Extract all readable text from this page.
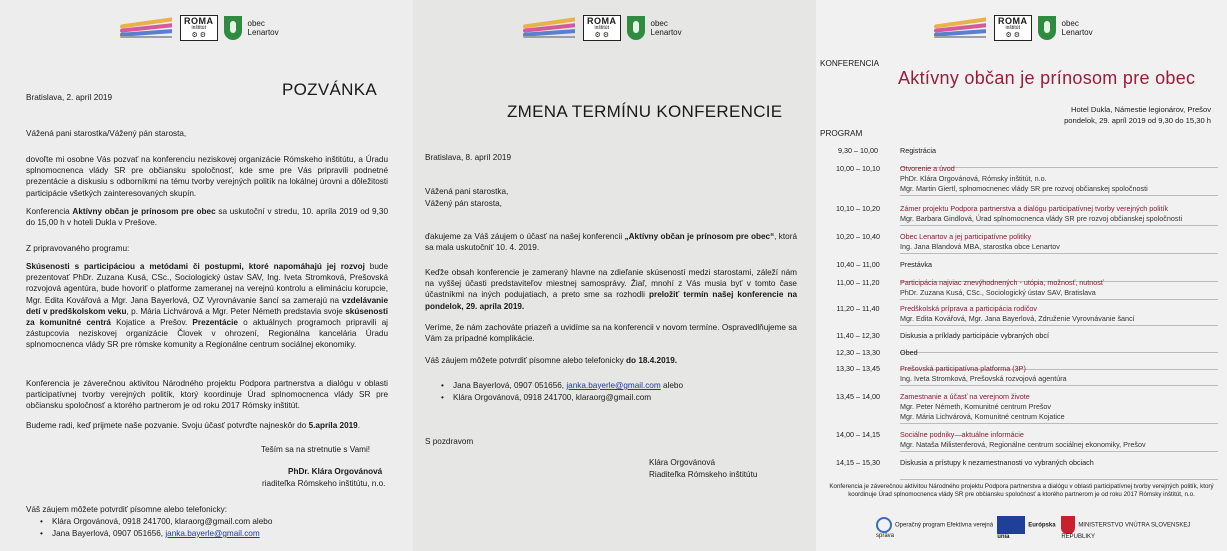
ROMA
inštitút
⚙ ⚙
obec
Lenartov
Bratislava, 2. apríl 2019	POZVÁNKA
Vážená pani starostka/Vážený pán starosta,
dovoľte mi osobne Vás pozvať na konferenciu neziskovej organizácie Rómskeho inštitútu, a Úradu splnomocnenca vlády SR pre občiansku spoločnosť, kde sme pre Vás pripravili podnetné prezentácie a diskusiu s odborníkmi na tému tvorby verejných politík na lokálnej úrovni a dôležitosti participácie všetkých zainteresovaných skupín.
Konferencia Aktívny občan je prínosom pre obec sa uskutoční v stredu, 10. apríla 2019 od 9,30 do 15,00 h v hoteli Dukla v Prešove.
Z pripravovaného programu:
Skúsenosti s participáciou a metódami či postupmi, ktoré napomáhajú jej rozvoj bude prezentovať PhDr. Zuzana Kusá, CSc., Sociologický ústav SAV, Ing. Iveta Stromková, Prešovská rozvojová agentúra, bude hovoriť o platforme zameranej na verejnú kontrolu a elimináciu korupcie, Mgr. Edita Kovářová a Mgr. Jana Bayerlová, OZ Vyrovnávanie šancí sa zamerajú na vzdelávanie detí v predškolskom veku, p. Mária Lichvárová a Mgr. Peter Németh predstavia svoje skúsenosti za komunitné centrá Kojatice a Prešov. Prezentácie o aktuálnych programoch pripravili aj zástupcovia neziskovej organizácie Človek v ohrození, Regionálna kancelária Úradu splnomocnenca vlády SR pre rómske komunity a Regionálne centrum sociálnej ekonomiky.
Konferencia je záverečnou aktivitou Národného projektu Podpora partnerstva a dialógu v oblasti participatívnej tvorby verejných politík, ktorý koordinuje Úrad splnomocnenca vlády SR pre občiansku spoločnosť a ktorého partnerom je od roku 2017 Rómsky inštitút.
Budeme radi, keď prijmete naše pozvanie. Svoju účasť potvrďte najneskôr do 5.apríla 2019.
Teším sa na stretnutie s Vami!
PhDr. Klára Orgovánová
riaditeľka Rómskeho inštitútu, n.o.
Váš záujem môžete potvrdiť písomne alebo telefonicky:
• Klára Orgovánová, 0918 241700, klaraorg@gmail.com alebo
• Jana Bayerlová, 0907 051656, janka.bayerle@gmail.com
ROMA
inštitút
⚙ ⚙
obec
Lenartov
ZMENA TERMÍNU KONFERENCIE
Bratislava, 8. apríl 2019
Vážená pani starostka,
Vážený pán starosta,
ďakujeme za Váš záujem o účasť na našej konferencii „Aktívny občan je prínosom pre obec“, ktorá sa mala uskutočniť 10. 4. 2019.
Keďže obsah konferencie je zameraný hlavne na zdieľanie skúseností medzi starostami, záleží nám na vyššej účasti predstaviteľov miestnej samosprávy. Žiaľ, mnohí z Vás musia byť v tomto čase účastníkmi na iných podujatiach, a preto sme sa rozhodli preložiť termín našej konferencie na pondelok, 29. apríla 2019.
Veríme, že nám zachováte priazeň a uvidíme sa na konferencii v novom termíne. Ospravedlňujeme sa Vám za prípadné komplikácie.
Váš záujem môžete potvrdiť písomne alebo telefonicky do 18.4.2019.
• Jana Bayerlová, 0907 051656, janka.bayerle@gmail.com alebo
• Klára Orgovánová, 0918 241700, klaraorg@gmail.com
S pozdravom
Klára Orgovánová
Riaditeľka Rómskeho inštitútu
ROMA
inštitút
⚙ ⚙
obec
Lenartov
KONFERENCIA
Aktívny občan je prínosom pre obec
Hotel Dukla, Námestie legionárov, Prešov
pondelok, 29. apríl 2019 od 9,30 do 15,30 h
PROGRAM
9,30 – 10,00	Registrácia
10,00 – 10,10	Otvorenie a úvod
PhDr. Klára Orgovánová, Rómsky inštitút, n.o.
Mgr. Martin Giertl, splnomocnenec vlády SR pre rozvoj občianskej spoločnosti
10,10 – 10,20	Zámer projektu Podpora partnerstva a dialógu participatívnej tvorby verejných politík
Mgr. Barbara Gindlová, Úrad splnomocnenca vlády SR pre rozvoj občianskej spoločnosti
10,20 – 10,40	Obec Lenartov a jej participatívne politiky
Ing. Jana Blandová MBA, starostka obce Lenartov
10,40 – 11,00	Prestávka
11,00 – 11,20	Participácia najviac znevýhodnených - utópia, možnosť, nutnosť
PhDr. Zuzana Kusá, CSc., Sociologický ústav SAV, Bratislava
11,20 – 11,40	Predškolská príprava a participácia rodičov
Mgr. Edita Kovářová, Mgr. Jana Bayerlová, Združenie Vyrovnávanie šancí
11,40 – 12,30	Diskusia a príklady participácie vybraných obcí
12,30 – 13,30	Obed
13,30 – 13,45	Prešovská participatívna platforma (3P)
Ing. Iveta Stromková, Prešovská rozvojová agentúra
13,45 – 14,00	Zamestnanie a účasť na verejnom živote
Mgr. Peter Németh, Komunitné centrum Prešov
Mgr. Mária Lichvárová, Komunitné centrum Kojatice
14,00 – 14,15	Sociálne podniky—aktuálne informácie
Mgr. Nataša Milistenferová, Regionálne centrum sociálnej ekonomiky, Prešov
14,15 – 15,30	Diskusia a prístupy k nezamestnanosti vo vybraných obciach
Konferencia je záverečnou aktivitou Národného projektu Podpora partnerstva a dialógu v oblasti participatívnej tvorby verejných politík, ktorý koordinuje Úrad splnomocnenca vlády SR pre občiansku spoločnosť a ktorého partnerom je od roku 2017 Rómsky inštitút, n.o.
Operačný program Efektívna verejná správa
Európska únia
MINISTERSTVO VNÚTRA SLOVENSKEJ REPUBLIKY
